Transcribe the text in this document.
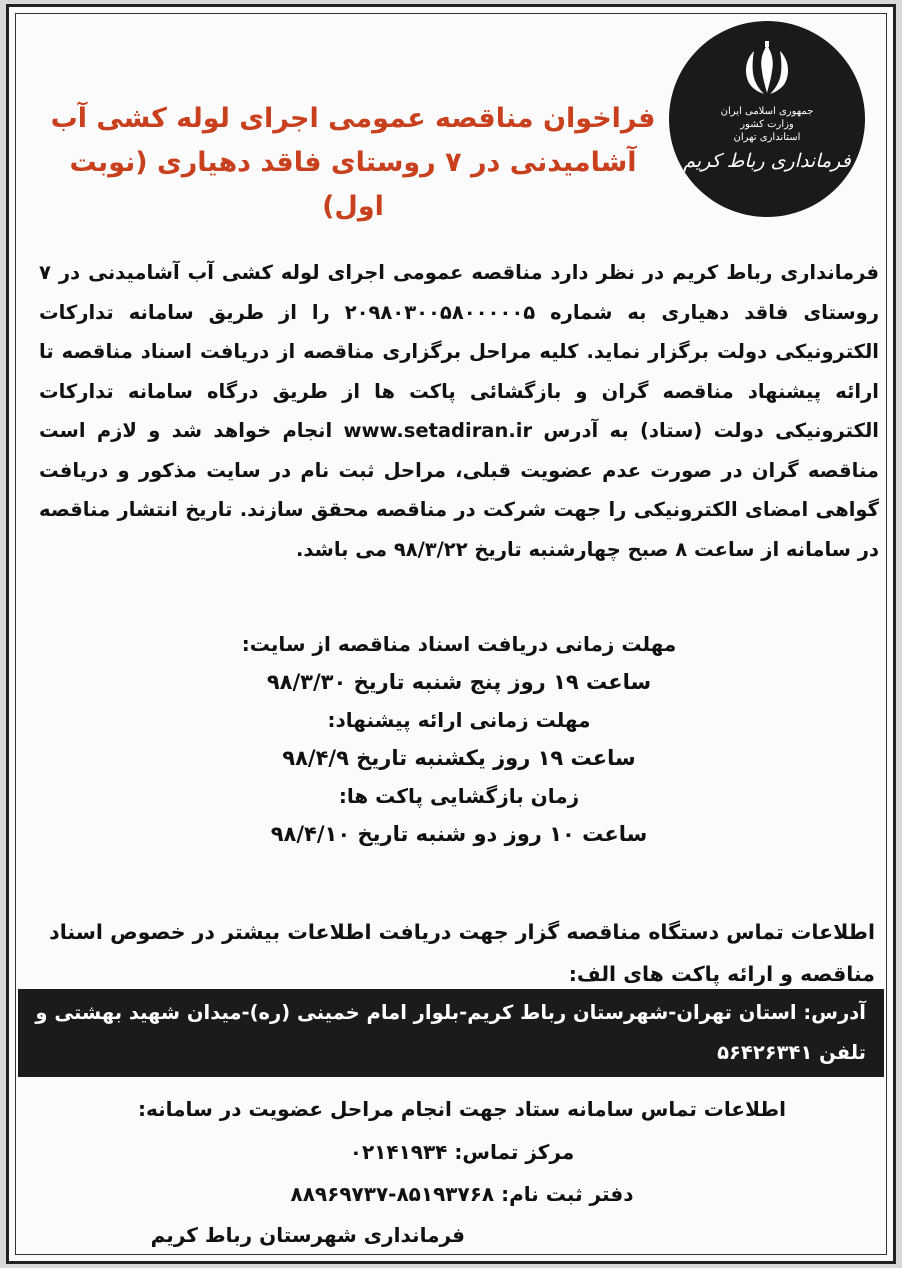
جمهوری اسلامی ایران
وزارت کشور
استانداری تهران
فرمانداری رباط کریم
فراخوان مناقصه عمومی اجرای لوله کشی آب
آشامیدنی در ۷ روستای فاقد دهیاری (نوبت اول)
فرمانداری رباط کریم در نظر دارد مناقصه عمومی اجرای لوله کشی آب آشامیدنی در ۷ روستای فاقد دهیاری به شماره ۲۰۹۸۰۳۰۰۵۸۰۰۰۰۰۵ را از طریق سامانه تدارکات الکترونیکی دولت برگزار نماید. کلیه مراحل برگزاری مناقصه از دریافت اسناد مناقصه تا ارائه پیشنهاد مناقصه گران و بازگشائی پاکت ها از طریق درگاه سامانه تدارکات الکترونیکی دولت (ستاد) به آدرس www.setadiran.ir انجام خواهد شد و لازم است مناقصه گران در صورت عدم عضویت قبلی، مراحل ثبت نام در سایت مذکور و دریافت گواهی امضای الکترونیکی را جهت شرکت در مناقصه محقق سازند. تاریخ انتشار مناقصه در سامانه از ساعت ۸ صبح چهارشنبه تاریخ ۹۸/۳/۲۲ می باشد.
مهلت زمانی دریافت اسناد مناقصه از سایت:
ساعت ۱۹ روز پنج شنبه تاریخ ۹۸/۳/۳۰
مهلت زمانی ارائه پیشنهاد:
ساعت ۱۹ روز یکشنبه تاریخ ۹۸/۴/۹
زمان بازگشایی پاکت ها:
ساعت ۱۰ روز دو شنبه تاریخ ۹۸/۴/۱۰
اطلاعات تماس دستگاه مناقصه گزار جهت دریافت اطلاعات بیشتر در خصوص اسناد مناقصه و ارائه پاکت های الف:
آدرس: استان تهران-شهرستان رباط کریم-بلوار امام خمینی (ره)-میدان شهید بهشتی و
تلفن ۵۶۴۲۶۳۴۱
اطلاعات تماس سامانه ستاد جهت انجام مراحل عضویت در سامانه:
مرکز تماس: ۰۲۱۴۱۹۳۴
دفتر ثبت نام: ۸۵۱۹۳۷۶۸-۸۸۹۶۹۷۳۷
فرمانداری شهرستان رباط کریم
